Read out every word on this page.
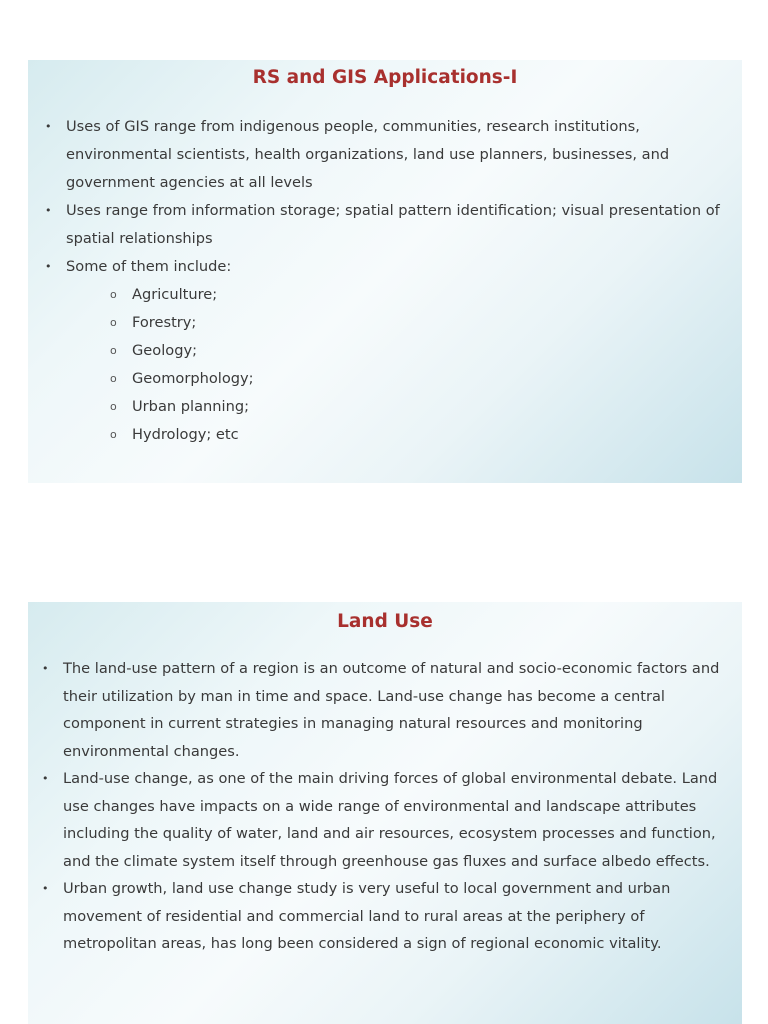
RS and GIS Applications-I
• Uses of GIS range from indigenous people, communities, research institutions, environmental scientists, health organizations, land use planners, businesses, and government agencies at all levels
• Uses range from information storage; spatial pattern identification; visual presentation of spatial relationships
• Some of them include:
o Agriculture;
o Forestry;
o Geology;
o Geomorphology;
o Urban planning;
o Hydrology; etc
Land Use
• The land-use pattern of a region is an outcome of natural and socio-economic factors and their utilization by man in time and space. Land-use change has become a central component in current strategies in managing natural resources and monitoring environmental changes.
• Land-use change, as one of the main driving forces of global environmental debate. Land use changes have impacts on a wide range of environmental and landscape attributes including the quality of water, land and air resources, ecosystem processes and function, and the climate system itself through greenhouse gas fluxes and surface albedo effects.
• Urban growth, land use change study is very useful to local government and urban movement of residential and commercial land to rural areas at the periphery of metropolitan areas, has long been considered a sign of regional economic vitality.
